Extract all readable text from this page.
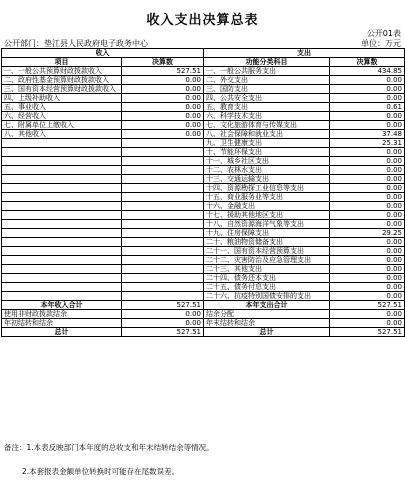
收入支出决算总表
公开01表
公开部门：垫江县人民政府电子政务中心	单位：万元
收入		支出	
项目	决算数	功能分类科目	决算数
一、一般公共预算财政拨款收入	527.51	一、一般公共服务支出	434.85
二、政府性基金预算财政拨款收入	0.00	二、外交支出	0.00
三、国有资本经营预算财政拨款收入	0.00	三、国防支出	0.00
四、上级补助收入	0.00	四、公共安全支出	0.00
五、事业收入	0.00	五、教育支出	0.61
六、经营收入	0.00	六、科学技术支出	0.00
七、附属单位上缴收入	0.00	七、文化旅游体育与传媒支出	0.00
八、其他收入	0.00	八、社会保障和就业支出	37.48
		九、卫生健康支出	25.31
		十、节能环保支出	0.00
		十一、城乡社区支出	0.00
		十二、农林水支出	0.00
		十三、交通运输支出	0.00
		十四、资源勘探工业信息等支出	0.00
		十五、商业服务业等支出	0.00
		十六、金融支出	0.00
		十七、援助其他地区支出	0.00
		十八、自然资源海洋气象等支出	0.00
		十九、住房保障支出	29.25
		二十、粮油物资储备支出	0.00
		二十一、国有资本经营预算支出	0.00
		二十二、灾害防治及应急管理支出	0.00
		二十三、其他支出	0.00
		二十四、债务还本支出	0.00
		二十五、债务付息支出	0.00
		二十六、抗疫特别国债安排的支出	0.00
本年收入合计	527.51	本年支出合计	527.51
使用非财政拨款结余	0.00	结余分配	0.00
年初结转和结余	0.00	年末结转和结余	0.00
总计	527.51	总计	527.51
备注：1.本表反映部门本年度的总收支和年末结转结余等情况。
2.本套报表金额单位转换时可能存在尾数误差。
